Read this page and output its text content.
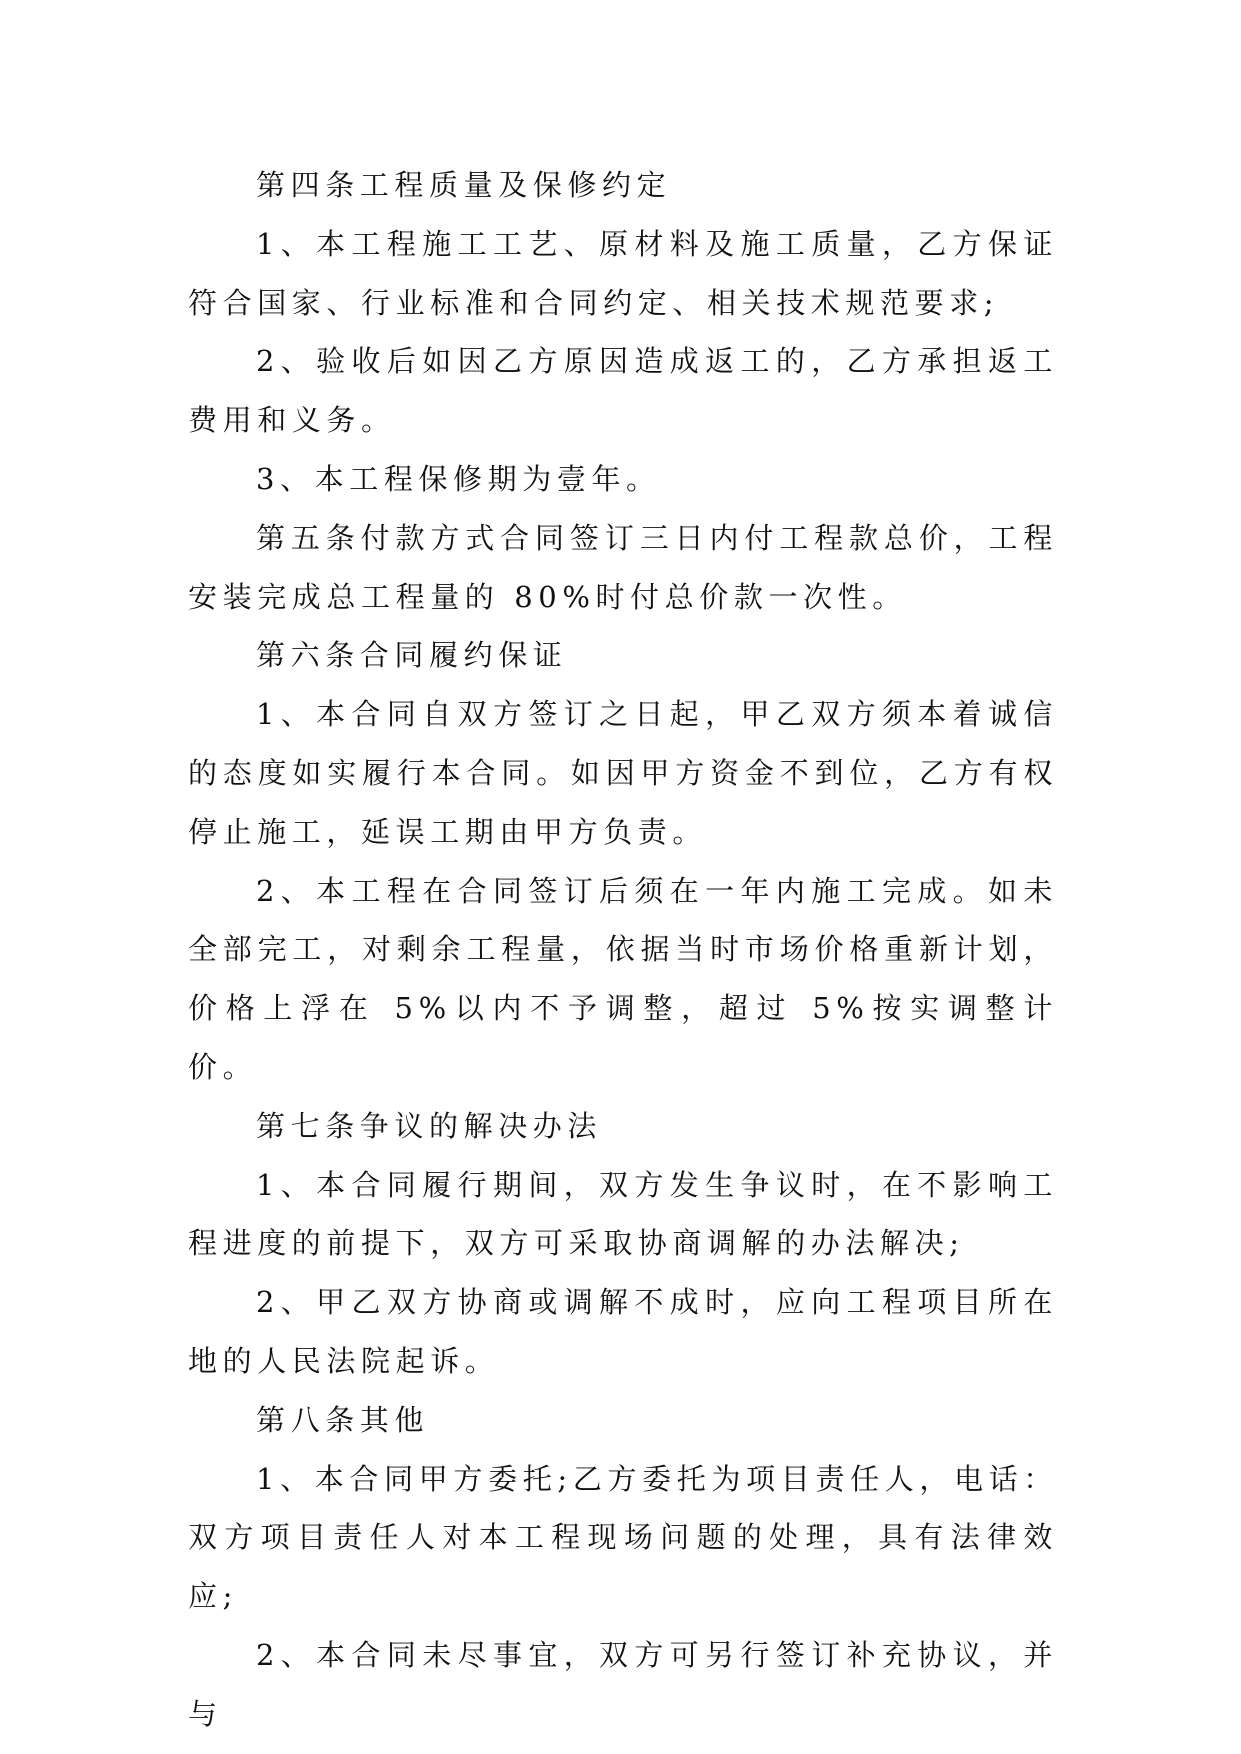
第四条工程质量及保修约定

1、本工程施工工艺、原材料及施工质量，乙方保证符合国家、行业标准和合同约定、相关技术规范要求;

2、验收后如因乙方原因造成返工的，乙方承担返工费用和义务。

3、本工程保修期为壹年。

第五条付款方式合同签订三日内付工程款总价，工程安装完成总工程量的 80%时付总价款一次性。

第六条合同履约保证

1、本合同自双方签订之日起，甲乙双方须本着诚信的态度如实履行本合同。如因甲方资金不到位，乙方有权停止施工，延误工期由甲方负责。

2、本工程在合同签订后须在一年内施工完成。如未全部完工，对剩余工程量，依据当时市场价格重新计划，价格上浮在 5%以内不予调整，超过 5%按实调整计价。

第七条争议的解决办法

1、本合同履行期间，双方发生争议时，在不影响工程进度的前提下，双方可采取协商调解的办法解决;

2、甲乙双方协商或调解不成时，应向工程项目所在地的人民法院起诉。

第八条其他

1、本合同甲方委托;乙方委托为项目责任人，电话：双方项目责任人对本工程现场问题的处理，具有法律效应;

2、本合同未尽事宜，双方可另行签订补充协议，并与
